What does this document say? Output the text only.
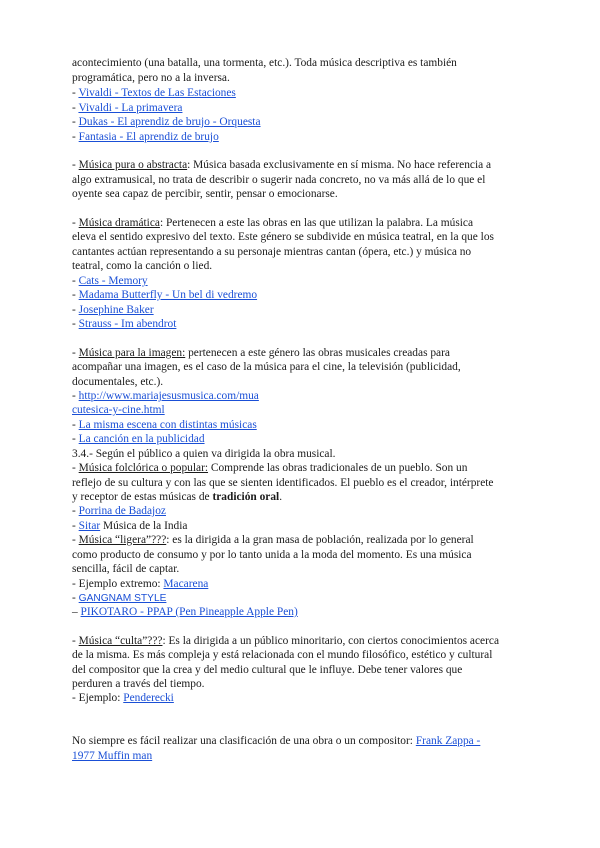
acontecimiento (una batalla, una tormenta, etc.). Toda música descriptiva es también
programática, pero no a la inversa.
- Vivaldi - Textos de Las Estaciones
- Vivaldi - La primavera
- Dukas - El aprendiz de brujo - Orquesta
- Fantasia - El aprendiz de brujo
- Música pura o abstracta: Música basada exclusivamente en sí misma. No hace referencia a
algo extramusical, no trata de describir o sugerir nada concreto, no va más allá de lo que el
oyente sea capaz de percibir, sentir, pensar o emocionarse.
- Música dramática: Pertenecen a este las obras en las que utilizan la palabra. La música
eleva el sentido expresivo del texto. Este género se subdivide en música teatral, en la que los
cantantes actúan representando a su personaje mientras cantan (ópera, etc.) y música no
teatral, como la canción o lied.
- Cats - Memory
- Madama Butterfly - Un bel di vedremo
- Josephine Baker
- Strauss - Im abendrot
- Música para la imagen: pertenecen a este género las obras musicales creadas para
acompañar una imagen, es el caso de la música para el cine, la televisión (publicidad,
documentales, etc.).
- http://www.mariajesusmusica.com/mua
cutesica-y-cine.html
- La misma escena con distintas músicas
- La canción en la publicidad
3.4.- Según el público a quien va dirigida la obra musical.
- Música folclórica o popular: Comprende las obras tradicionales de un pueblo. Son un
reflejo de su cultura y con las que se sienten identificados. El pueblo es el creador, intérprete
y receptor de estas músicas de tradición oral.
- Porrina de Badajoz
- Sitar Música de la India
- Música “ligera”???: es la dirigida a la gran masa de población, realizada por lo general
como producto de consumo y por lo tanto unida a la moda del momento. Es una música
sencilla, fácil de captar.
- Ejemplo extremo: Macarena
- GANGNAM STYLE
– PIKOTARO - PPAP (Pen Pineapple Apple Pen)
- Música “culta”???: Es la dirigida a un público minoritario, con ciertos conocimientos acerca
de la misma. Es más compleja y está relacionada con el mundo filosófico, estético y cultural
del compositor que la crea y del medio cultural que le influye. Debe tener valores que
perduren a través del tiempo.
- Ejemplo: Penderecki
No siempre es fácil realizar una clasificación de una obra o un compositor: Frank Zappa -
1977 Muffin man
